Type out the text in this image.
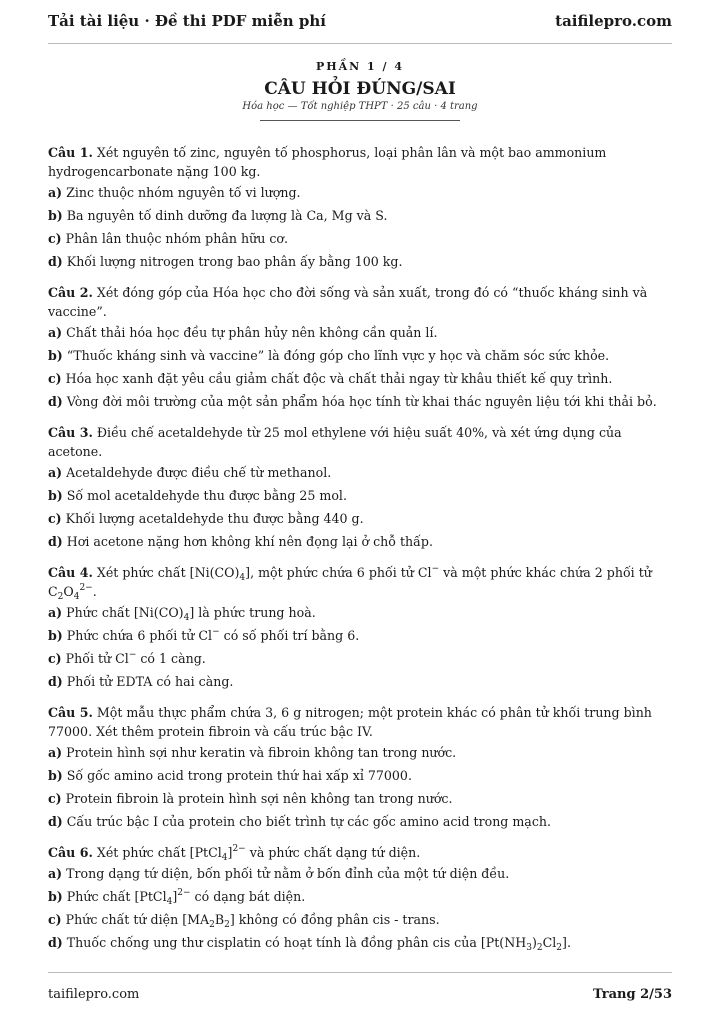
Tải tài liệu · Đề thi PDF miễn phí	taifilepro.com
PHẦN 1 / 4
CÂU HỎI ĐÚNG/SAI
Hóa học — Tốt nghiệp THPT · 25 câu · 4 trang

Câu 1. Xét nguyên tố zinc, nguyên tố phosphorus, loại phân lân và một bao ammonium hydrogencarbonate nặng 100 kg.

a) Zinc thuộc nhóm nguyên tố vi lượng.
b) Ba nguyên tố dinh dưỡng đa lượng là Ca, Mg và S.
c) Phân lân thuộc nhóm phân hữu cơ.
d) Khối lượng nitrogen trong bao phân ấy bằng 100 kg.

Câu 2. Xét đóng góp của Hóa học cho đời sống và sản xuất, trong đó có “thuốc kháng sinh và vaccine”.

a) Chất thải hóa học đều tự phân hủy nên không cần quản lí.
b) “Thuốc kháng sinh và vaccine” là đóng góp cho lĩnh vực y học và chăm sóc sức khỏe.
c) Hóa học xanh đặt yêu cầu giảm chất độc và chất thải ngay từ khâu thiết kế quy trình.
d) Vòng đời môi trường của một sản phẩm hóa học tính từ khai thác nguyên liệu tới khi thải bỏ.

Câu 3. Điều chế acetaldehyde từ 25 mol ethylene với hiệu suất 40%, và xét ứng dụng của acetone.

a) Acetaldehyde được điều chế từ methanol.
b) Số mol acetaldehyde thu được bằng 25 mol.
c) Khối lượng acetaldehyde thu được bằng 440 g.
d) Hơi acetone nặng hơn không khí nên đọng lại ở chỗ thấp.

Câu 4. Xét phức chất $[Ni(CO)_4]$, một phức chứa 6 phối tử Cl− và một phức khác chứa 2 phối tử $C_2O_4^{2-}$.

a) Phức chất $[Ni(CO)_4]$ là phức trung hoà.
b) Phức chứa 6 phối tử Cl− có số phối trí bằng 6.
c) Phối tử Cl− có 1 càng.
d) Phối tử EDTA có hai càng.

Câu 5. Một mẫu thực phẩm chứa 3, 6 g nitrogen; một protein khác có phân tử khối trung bình 77000. Xét thêm protein fibroin và cấu trúc bậc IV.

a) Protein hình sợi như keratin và fibroin không tan trong nước.
b) Số gốc amino acid trong protein thứ hai xấp xỉ 77000.
c) Protein fibroin là protein hình sợi nên không tan trong nước.
d) Cấu trúc bậc I của protein cho biết trình tự các gốc amino acid trong mạch.

Câu 6. Xét phức chất [PtCl$_4$]$^{2-}$ và phức chất dạng tứ diện.

a) Trong dạng tứ diện, bốn phối tử nằm ở bốn đỉnh của một tứ diện đều.
b) Phức chất [PtCl$_4$]$^{2-}$ có dạng bát diện.
c) Phức chất tứ diện $[MA_2B_2]$ không có đồng phân cis - trans.
d) Thuốc chống ung thư cisplatin có hoạt tính là đồng phân cis của $[Pt(NH_3)_2Cl_2]$.
taifilepro.com	Trang 2/53
